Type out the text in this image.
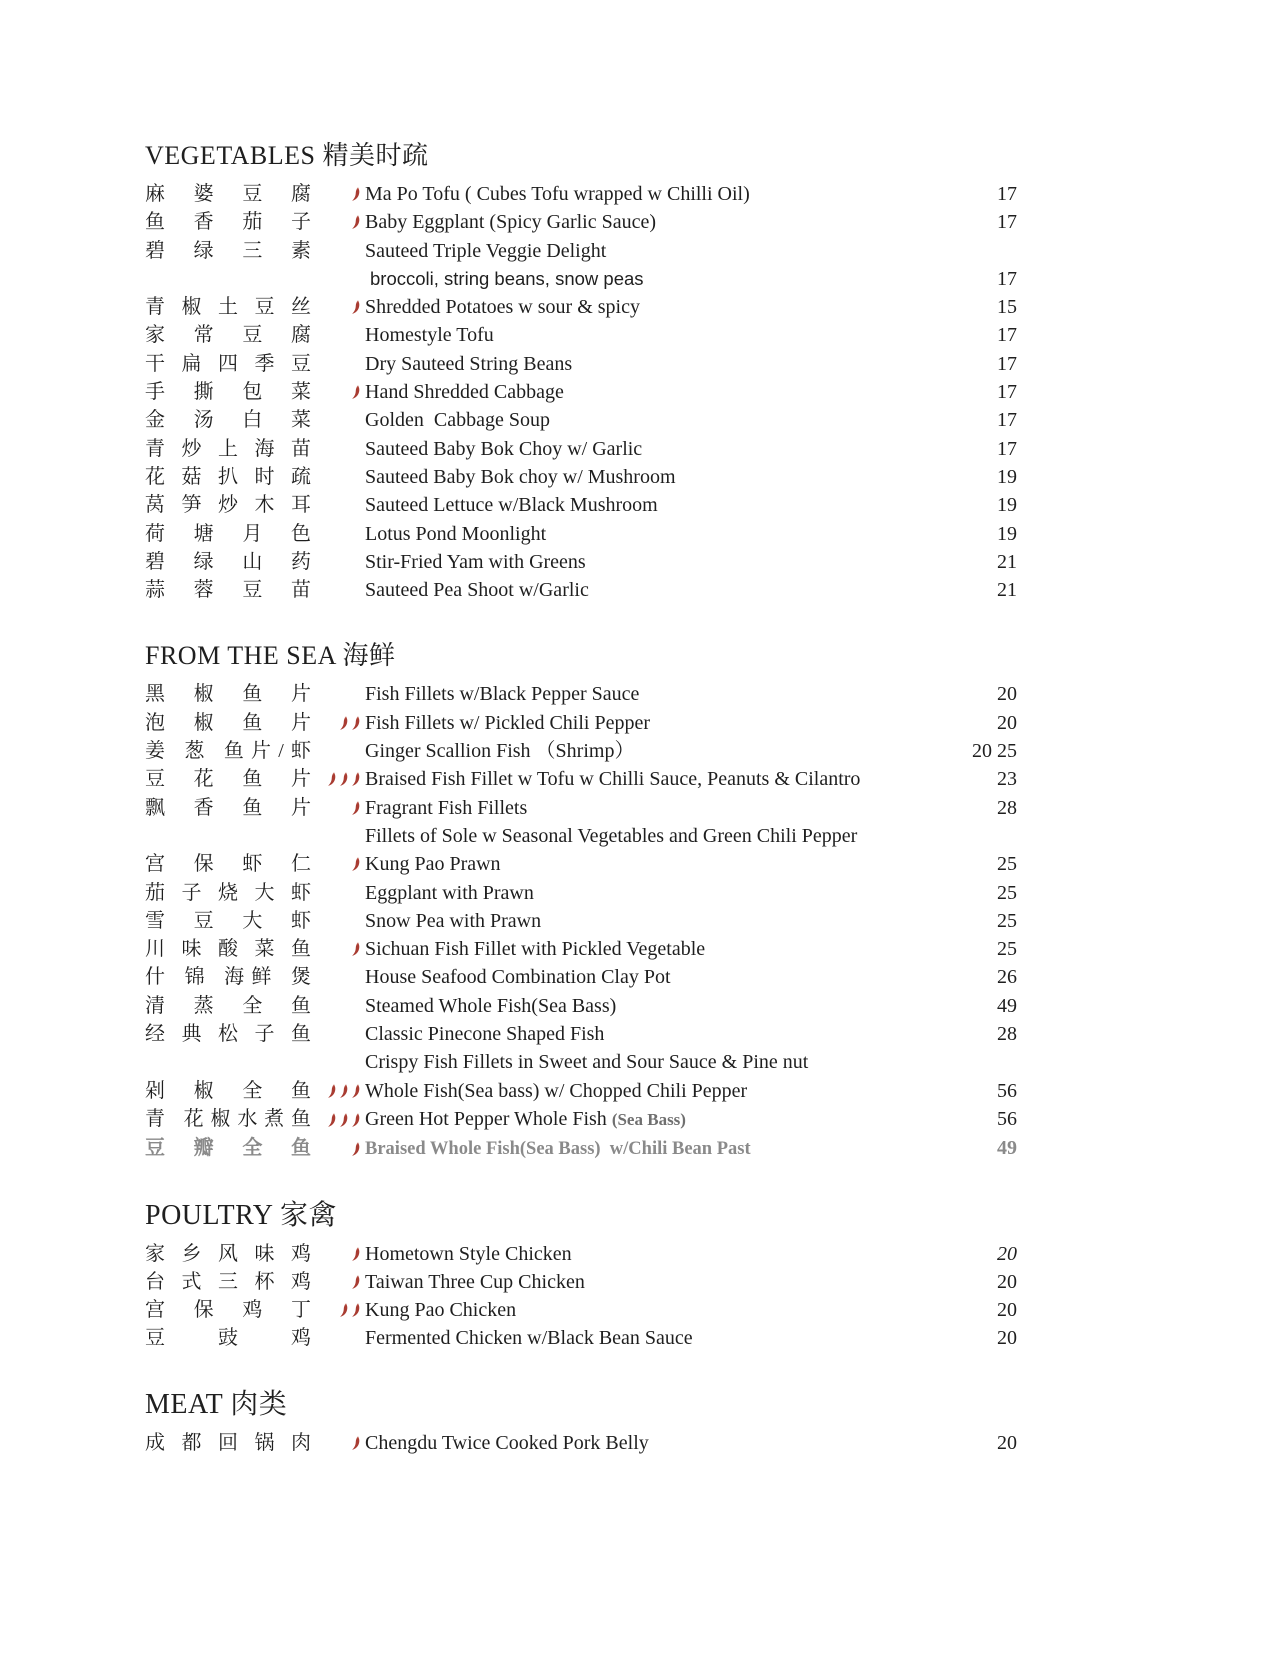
VEGETABLES 精美时疏
麻 婆 豆 腐	Ma Po Tofu ( Cubes Tofu wrapped w Chilli Oil)	17
鱼 香 茄 子	Baby Eggplant (Spicy Garlic Sauce)	17
碧 绿 三 素	Sauteed Triple Veggie Delight
broccoli, string beans, snow peas	17
青 椒 土 豆 丝	Shredded Potatoes w sour & spicy	15
家 常 豆 腐	Homestyle Tofu	17
干 扁 四 季 豆	Dry Sauteed String Beans	17
手 撕 包 菜	Hand Shredded Cabbage	17
金 汤 白 菜	Golden  Cabbage Soup	17
青 炒 上 海 苗	Sauteed Baby Bok Choy w/ Garlic	17
花 菇 扒 时 疏	Sauteed Baby Bok choy w/ Mushroom	19
莴 笋 炒 木 耳	Sauteed Lettuce w/Black Mushroom	19
荷 塘 月 色	Lotus Pond Moonlight	19
碧 绿 山 药	Stir-Fried Yam with Greens	21
蒜 蓉 豆 苗	Sauteed Pea Shoot w/Garlic	21
FROM THE SEA 海鲜
黑 椒 鱼 片	Fish Fillets w/Black Pepper Sauce	20
泡 椒 鱼 片	Fish Fillets w/ Pickled Chili Pepper	20
姜 葱 鱼片/虾	Ginger Scallion Fish （Shrimp）	20 25
豆 花 鱼 片	Braised Fish Fillet w Tofu w Chilli Sauce, Peanuts & Cilantro	23
飘 香 鱼 片	Fragrant Fish Fillets	28
Fillets of Sole w Seasonal Vegetables and Green Chili Pepper
宫 保 虾 仁	Kung Pao Prawn	25
茄 子 烧 大 虾	Eggplant with Prawn	25
雪 豆 大 虾	Snow Pea with Prawn	25
川 味 酸 菜 鱼	Sichuan Fish Fillet with Pickled Vegetable	25
什 锦 海鲜 煲	House Seafood Combination Clay Pot	26
清 蒸 全 鱼	Steamed Whole Fish(Sea Bass)	49
经 典 松 子 鱼	Classic Pinecone Shaped Fish	28
Crispy Fish Fillets in Sweet and Sour Sauce & Pine nut
剁 椒 全 鱼	Whole Fish(Sea bass) w/ Chopped Chili Pepper	56
青 花椒水煮鱼	Green Hot Pepper Whole Fish (Sea Bass)	56
豆 瓣 全 鱼	Braised Whole Fish(Sea Bass)  w/Chili Bean Past	49
POULTRY 家禽
家 乡 风 味 鸡	Hometown Style Chicken	20
台 式 三 杯 鸡	Taiwan Three Cup Chicken	20
宫 保 鸡 丁	Kung Pao Chicken	20
豆 豉 鸡	Fermented Chicken w/Black Bean Sauce	20
MEAT 肉类
成 都 回 锅 肉	Chengdu Twice Cooked Pork Belly	20
